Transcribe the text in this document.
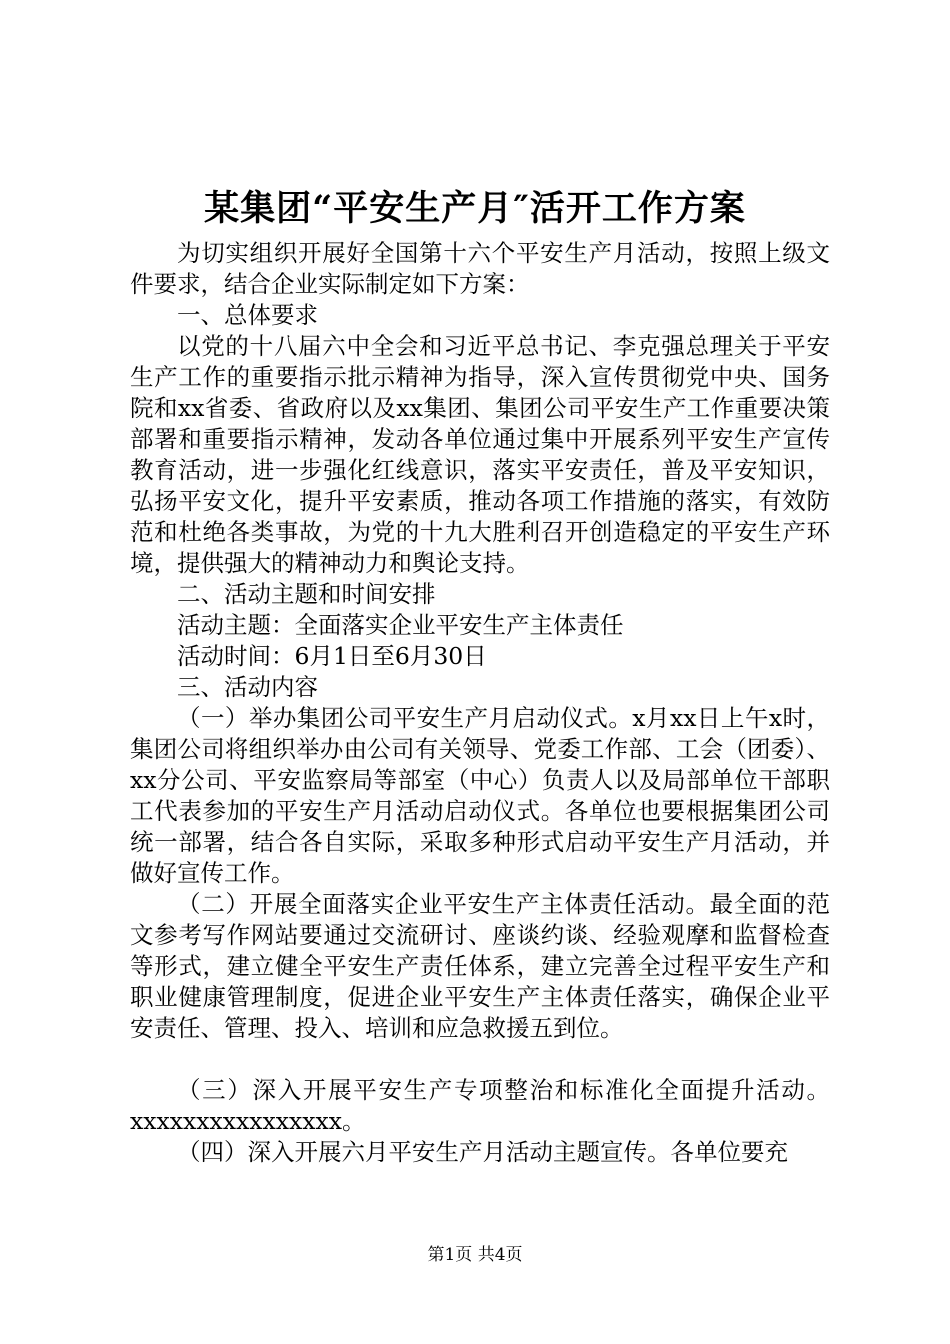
某集团“平安生产月″活开工作方案

为切实组织开展好全国第十六个平安生产月活动，按照上级文件要求，结合企业实际制定如下方案：

一、总体要求

以党的十八届六中全会和习近平总书记、李克强总理关于平安生产工作的重要指示批示精神为指导，深入宣传贯彻党中央、国务院和xx省委、省政府以及xx集团、集团公司平安生产工作重要决策部署和重要指示精神，发动各单位通过集中开展系列平安生产宣传教育活动，进一步强化红线意识，落实平安责任，普及平安知识，弘扬平安文化，提升平安素质，推动各项工作措施的落实，有效防范和杜绝各类事故，为党的十九大胜利召开创造稳定的平安生产环境，提供强大的精神动力和舆论支持。

二、活动主题和时间安排

活动主题：全面落实企业平安生产主体责任

活动时间：6月1日至6月30日

三、活动内容

（一）举办集团公司平安生产月启动仪式。x月xx日上午x时，集团公司将组织举办由公司有关领导、党委工作部、工会（团委）、xx分公司、平安监察局等部室（中心）负责人以及局部单位干部职工代表参加的平安生产月活动启动仪式。各单位也要根据集团公司统一部署，结合各自实际，采取多种形式启动平安生产月活动，并做好宣传工作。

（二）开展全面落实企业平安生产主体责任活动。最全面的范文参考写作网站要通过交流研讨、座谈约谈、经验观摩和监督检查等形式，建立健全平安生产责任体系，建立完善全过程平安生产和职业健康管理制度，促进企业平安生产主体责任落实，确保企业平安责任、管理、投入、培训和应急救援五到位。

（三）深入开展平安生产专项整治和标准化全面提升活动。xxxxxxxxxxxxxxxx。

（四）深入开展六月平安生产月活动主题宣传。各单位要充

第1页 共4页
